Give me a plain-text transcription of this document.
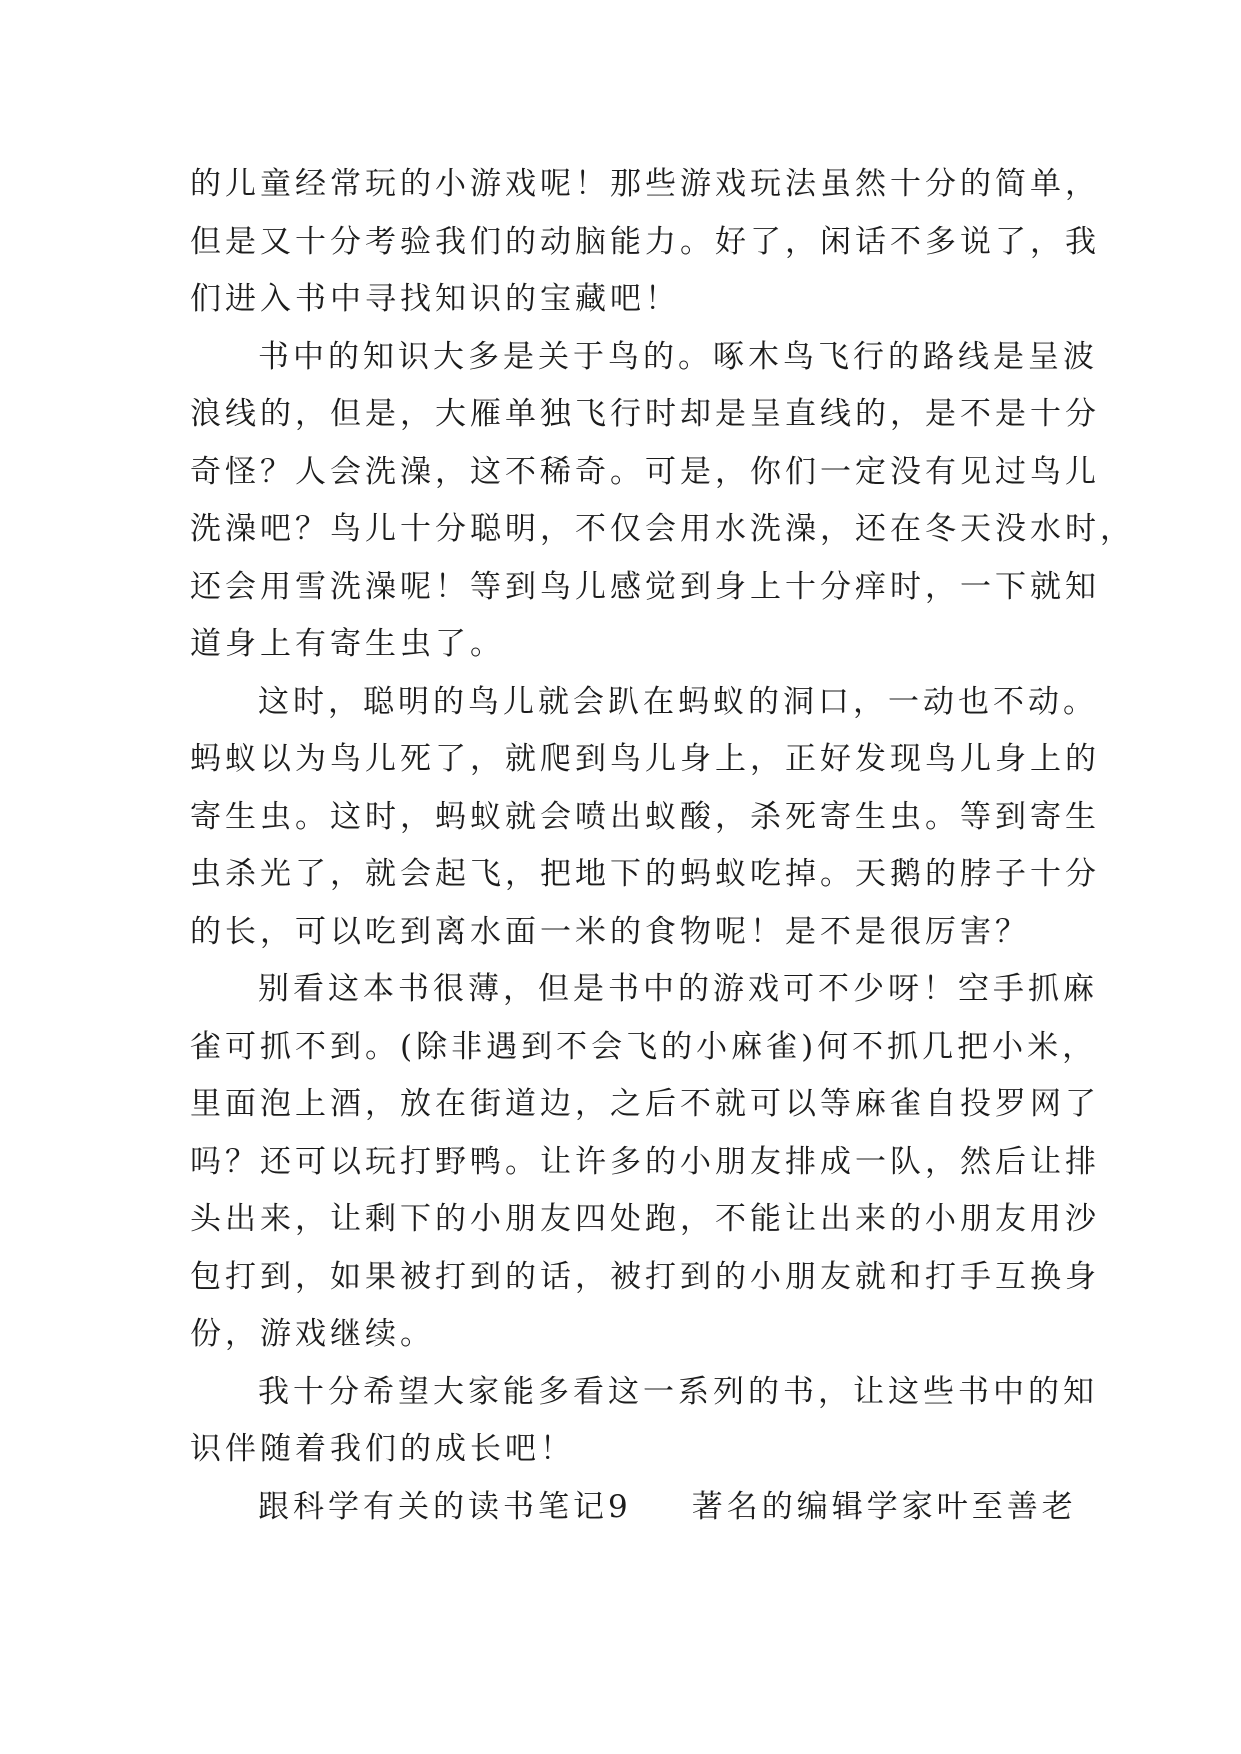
的儿童经常玩的小游戏呢！那些游戏玩法虽然十分的简单，
但是又十分考验我们的动脑能力。好了，闲话不多说了，我
们进入书中寻找知识的宝藏吧！

书中的知识大多是关于鸟的。啄木鸟飞行的路线是呈波
浪线的，但是，大雁单独飞行时却是呈直线的，是不是十分
奇怪？人会洗澡，这不稀奇。可是，你们一定没有见过鸟儿
洗澡吧？鸟儿十分聪明，不仅会用水洗澡，还在冬天没水时，
还会用雪洗澡呢！等到鸟儿感觉到身上十分痒时，一下就知
道身上有寄生虫了。

这时，聪明的鸟儿就会趴在蚂蚁的洞口，一动也不动。
蚂蚁以为鸟儿死了，就爬到鸟儿身上，正好发现鸟儿身上的
寄生虫。这时，蚂蚁就会喷出蚁酸，杀死寄生虫。等到寄生
虫杀光了，就会起飞，把地下的蚂蚁吃掉。天鹅的脖子十分
的长，可以吃到离水面一米的食物呢！是不是很厉害？

别看这本书很薄，但是书中的游戏可不少呀！空手抓麻
雀可抓不到。(除非遇到不会飞的小麻雀)何不抓几把小米，
里面泡上酒，放在街道边，之后不就可以等麻雀自投罗网了
吗？还可以玩打野鸭。让许多的小朋友排成一队，然后让排
头出来，让剩下的小朋友四处跑，不能让出来的小朋友用沙
包打到，如果被打到的话，被打到的小朋友就和打手互换身
份，游戏继续。

我十分希望大家能多看这一系列的书，让这些书中的知
识伴随着我们的成长吧！

跟科学有关的读书笔记9 著名的编辑学家叶至善老
